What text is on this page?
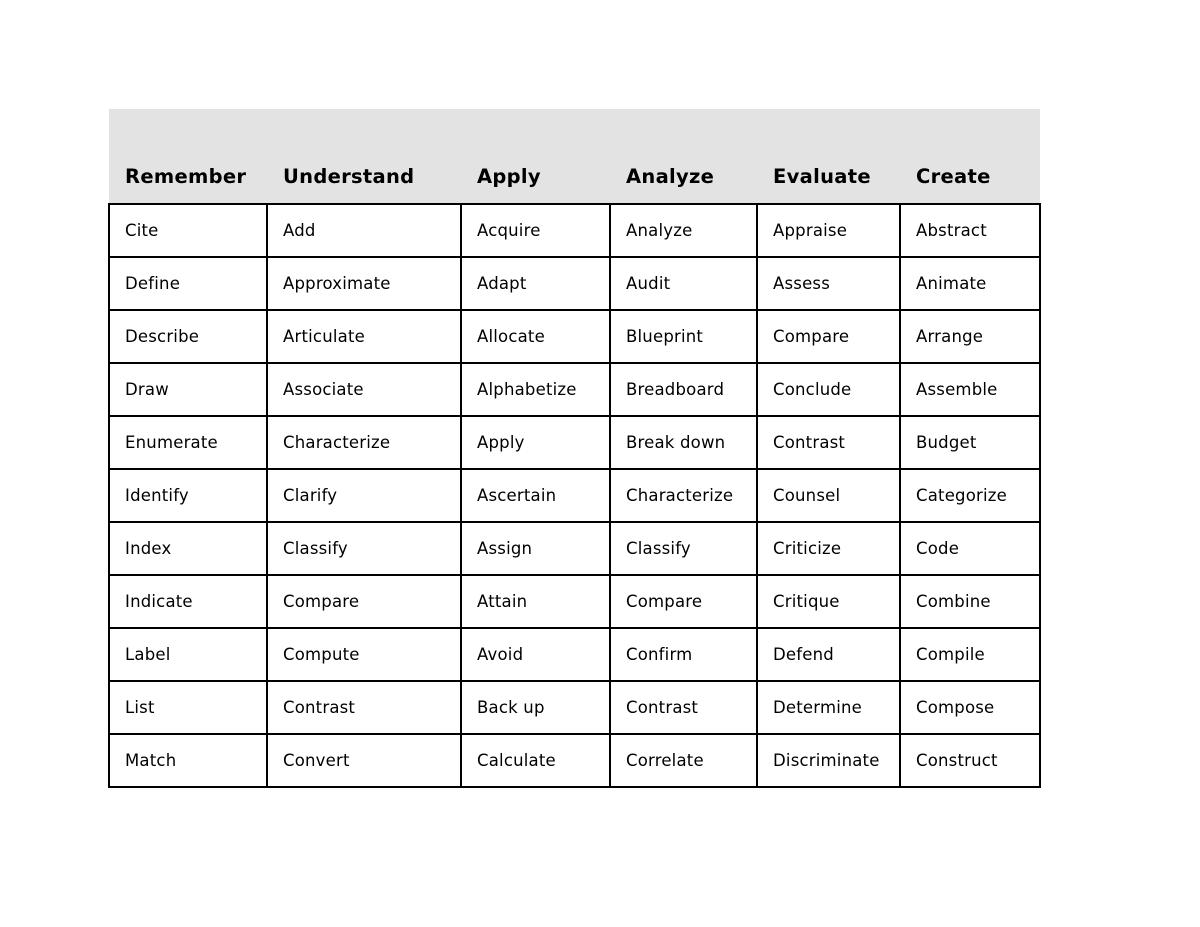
Remember	Understand	Apply	Analyze	Evaluate	Create
Cite	Add	Acquire	Analyze	Appraise	Abstract
Define	Approximate	Adapt	Audit	Assess	Animate
Describe	Articulate	Allocate	Blueprint	Compare	Arrange
Draw	Associate	Alphabetize	Breadboard	Conclude	Assemble
Enumerate	Characterize	Apply	Break down	Contrast	Budget
Identify	Clarify	Ascertain	Characterize	Counsel	Categorize
Index	Classify	Assign	Classify	Criticize	Code
Indicate	Compare	Attain	Compare	Critique	Combine
Label	Compute	Avoid	Confirm	Defend	Compile
List	Contrast	Back up	Contrast	Determine	Compose
Match	Convert	Calculate	Correlate	Discriminate	Construct
